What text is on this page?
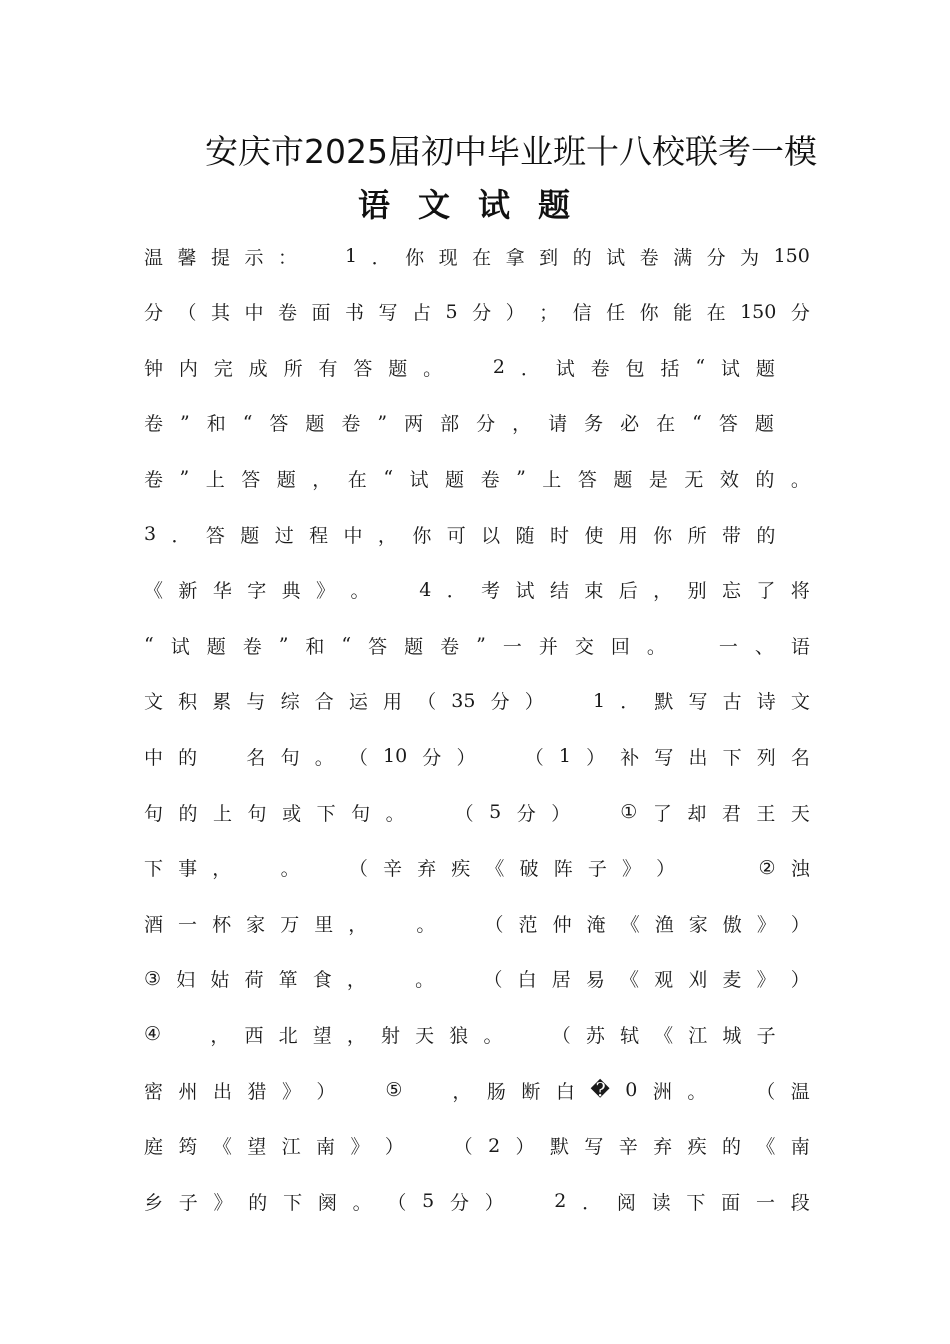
安庆市2025届初中毕业班十八校联考一模
语文试题
温 馨 提 示 ：
　	1 ． 你 现 在 拿 到 的 试 卷 满 分 为 150
分 （ 其 中 卷 面 书 写 占 5 分 ） ； 信 任 你 能 在 150 分
钟 内 完 成 所 有 答 题 。
　	2 ． 试 卷 包 括 “ 试 题

卷 ” 和 “ 答 题 卷 ” 两 部 分 ， 请 务 必 在 “ 答 题

卷 ” 上 答 题 ， 在 “ 试 题 卷 ” 上 答 题 是 无 效 的 。
3 ． 答 题 过 程 中 ， 你 可 以 随 时 使 用 你 所 带 的

《 新 华 字 典 》 。
　	4 ． 考 试 结 束 后 ， 别 忘 了 将
“ 试 题 卷 ” 和 “ 答 题 卷 ” 一 并 交 回 。
　	一 、 语
文 积 累 与 综 合 运 用 （ 35 分 ）
　	1 ． 默 写 古 诗 文
中 的
　	名 句 。 （ 10 分 ）
　	（ 1 ） 补 写 出 下 列 名
句 的 上 句 或 下 句 。
　	（ 5 分 ）
　	① 了 却 君 王 天
下 事 ，
　	。
　	（ 辛 弃 疾 《 破 阵 子 》 ）

　	② 浊
酒 一 杯 家 万 里 ，
　	。
　	（ 范 仲 淹 《 渔 家 傲 》 ）
③ 妇 姑 荷 箪 食 ，
　	。
　	（ 白 居 易 《 观 刈 麦 》 ）
④
　	， 西 北 望 ， 射 天 狼 。
　	（ 苏 轼 《 江 城 子

密 州 出 猎 》 ）
　	⑤
　	， 肠 断 白 � 0 洲 。
　	（ 温
庭 筠 《 望 江 南 》 ）
　	（ 2 ） 默 写 辛 弃 疾 的 《 南
乡 子 》 的 下 阕 。 （ 5 分 ）
　	2 ． 阅 读 下 面 一 段
